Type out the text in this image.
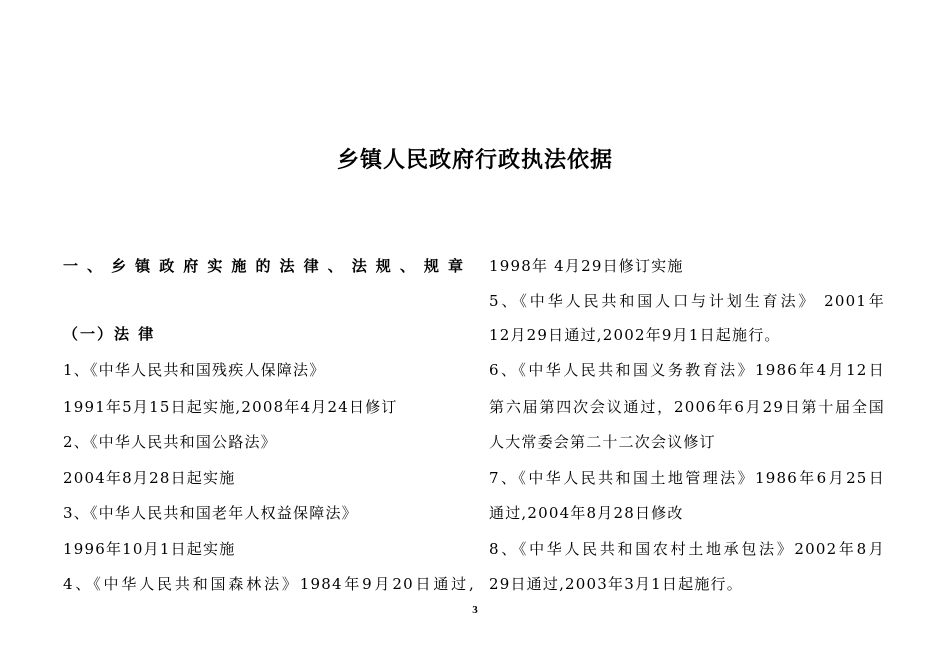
乡镇人民政府行政执法依据
一、乡镇政府实施的法律、法规、规章
（一）法 律
1、《中华人民共和国残疾人保障法》
1991年5月15日起实施,2008年4月24日修订
2、《中华人民共和国公路法》
2004年8月28日起实施
3、《中华人民共和国老年人权益保障法》
1996年10月1日起实施
4、《中华人民共和国森林法》1984年9月20日通过,
1998年 4月29日修订实施
5、《中华人民共和国人口与计划生育法》 2001年
12月29日通过,2002年9月1日起施行。
6、《中华人民共和国义务教育法》1986年4月12日
第六届第四次会议通过，2006年6月29日第十届全国
人大常委会第二十二次会议修订
7、《中华人民共和国土地管理法》1986年6月25日
通过,2004年8月28日修改
8、《中华人民共和国农村土地承包法》2002年8月
29日通过,2003年3月1日起施行。
3
